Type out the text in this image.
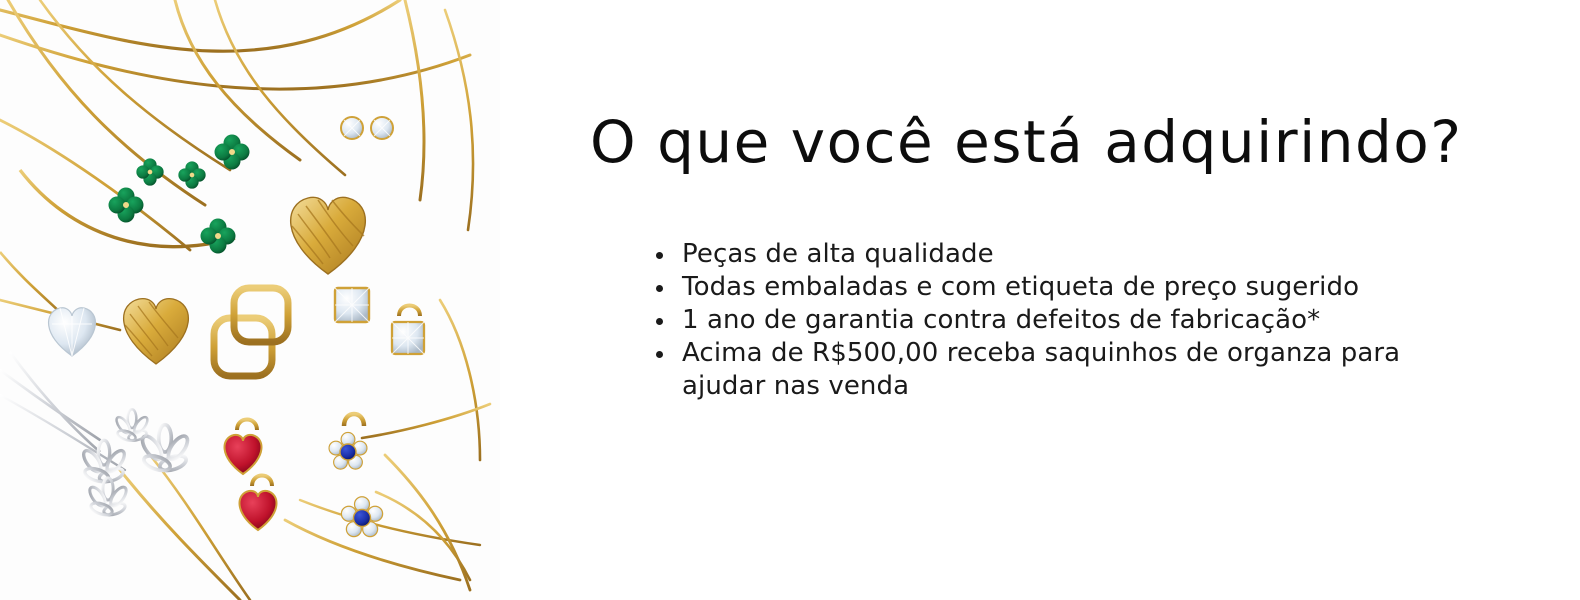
O que você está adquirindo?
Peças de alta qualidade
Todas embaladas e com etiqueta de preço sugerido
1 ano de garantia contra defeitos de fabricação*
Acima de R$500,00 receba saquinhos de organza para ajudar nas venda
